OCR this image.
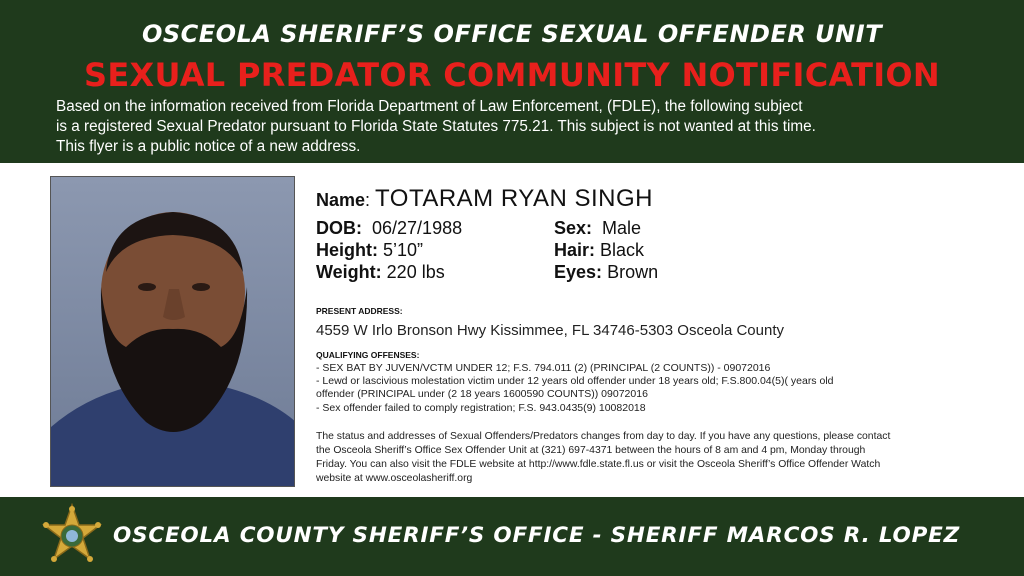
OSCEOLA SHERIFF’S OFFICE SEXUAL OFFENDER UNIT
SEXUAL PREDATOR COMMUNITY NOTIFICATION
Based on the information received from Florida Department of Law Enforcement, (FDLE), the following subject
is a registered Sexual Predator pursuant to Florida State Statutes 775.21. This subject is not wanted at this time.
This flyer is a public notice of a new address.
Name: TOTARAM RYAN SINGH
DOB: 06/27/1988
Height: 5’10”
Weight: 220 lbs
Sex: Male
Hair: Black
Eyes: Brown
PRESENT ADDRESS:
4559 W Irlo Bronson Hwy Kissimmee, FL 34746-5303 Osceola County
QUALIFYING OFFENSES:
- SEX BAT BY JUVEN/VCTM UNDER 12; F.S. 794.011 (2) (PRINCIPAL (2 COUNTS)) - 09072016
- Lewd or lascivious molestation victim under 12 years old offender under 18 years old; F.S.800.04(5)( years old
offender (PRINCIPAL under (2 18 years 1600590 COUNTS)) 09072016
- Sex offender failed to comply registration; F.S. 943.0435(9) 10082018
The status and addresses of Sexual Offenders/Predators changes from day to day. If you have any questions, please contact
the Osceola Sheriff’s Office Sex Offender Unit at (321) 697-4371 between the hours of 8 am and 4 pm, Monday through
Friday. You can also visit the FDLE website at http://www.fdle.state.fl.us or visit the Osceola Sheriff’s Office Offender Watch
website at www.osceolasheriff.org
OSCEOLA COUNTY SHERIFF’S OFFICE - SHERIFF MARCOS R. LOPEZ
